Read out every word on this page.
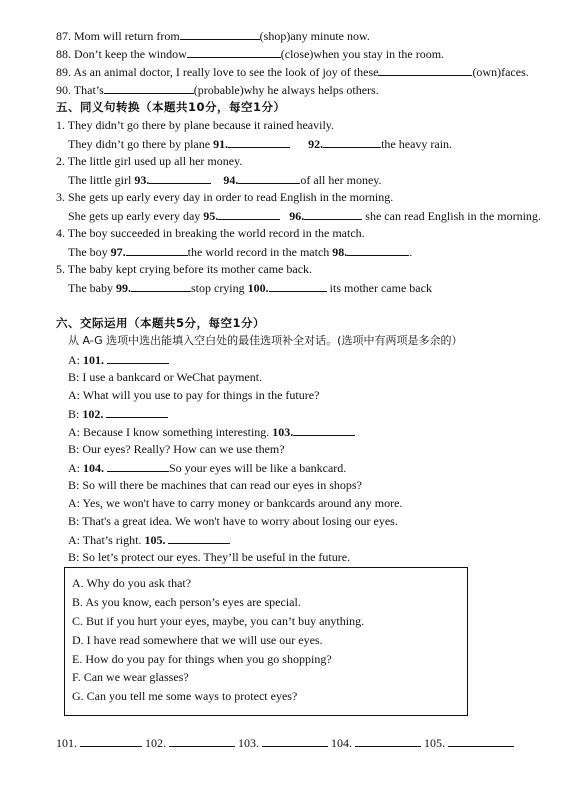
87. Mom will return from	(shop)any minute now.
88. Don’t keep the window	(close)when you stay in the room.
89. As an animal doctor, I really love to see the look of joy of these	(own)faces.
90. That’s	(probable)why he always helps others.
五、同义句转换（本题共10分，每空1分）
1. They didn’t go there by plane because it rained heavily.
They didn’t go there by plane 91.	92.	the heavy rain.
2. The little girl used up all her money.
The little girl 93.	94.	of all her money.
3. She gets up early every day in order to read English in the morning.
She gets up early every day 95.	96.	she can read English in the morning.
4. The boy succeeded in breaking the world record in the match.
The boy 97.	the world record in the match 98.	.
5. The baby kept crying before its mother came back.
The baby 99.	stop crying 100.	its mother came back
六、交际运用（本题共5分，每空1分）
从 A-G 选项中选出能填入空白处的最佳选项补全对话。(选项中有两项是多余的）
A: 101.
B: I use a bankcard or WeChat payment.
A: What will you use to pay for things in the future?
B: 102.
A: Because I know something interesting. 103.
B: Our eyes? Really? How can we use them?
A: 104.	So your eyes will be like a bankcard.
B: So will there be machines that can read our eyes in shops?
A: Yes, we won't have to carry money or bankcards around any more.
B: That's a great idea. We won't have to worry about losing our eyes.
A: That’s right. 105.
B: So let’s protect our eyes. They’ll be useful in the future.
A. Why do you ask that?
B. As you know, each person’s eyes are special.
C. But if you hurt your eyes, maybe, you can’t buy anything.
D. I have read somewhere that we will use our eyes.
E. How do you pay for things when you go shopping?
F. Can we wear glasses?
G. Can you tell me some ways to protect eyes?
101.	102.	103.	104.	105.
